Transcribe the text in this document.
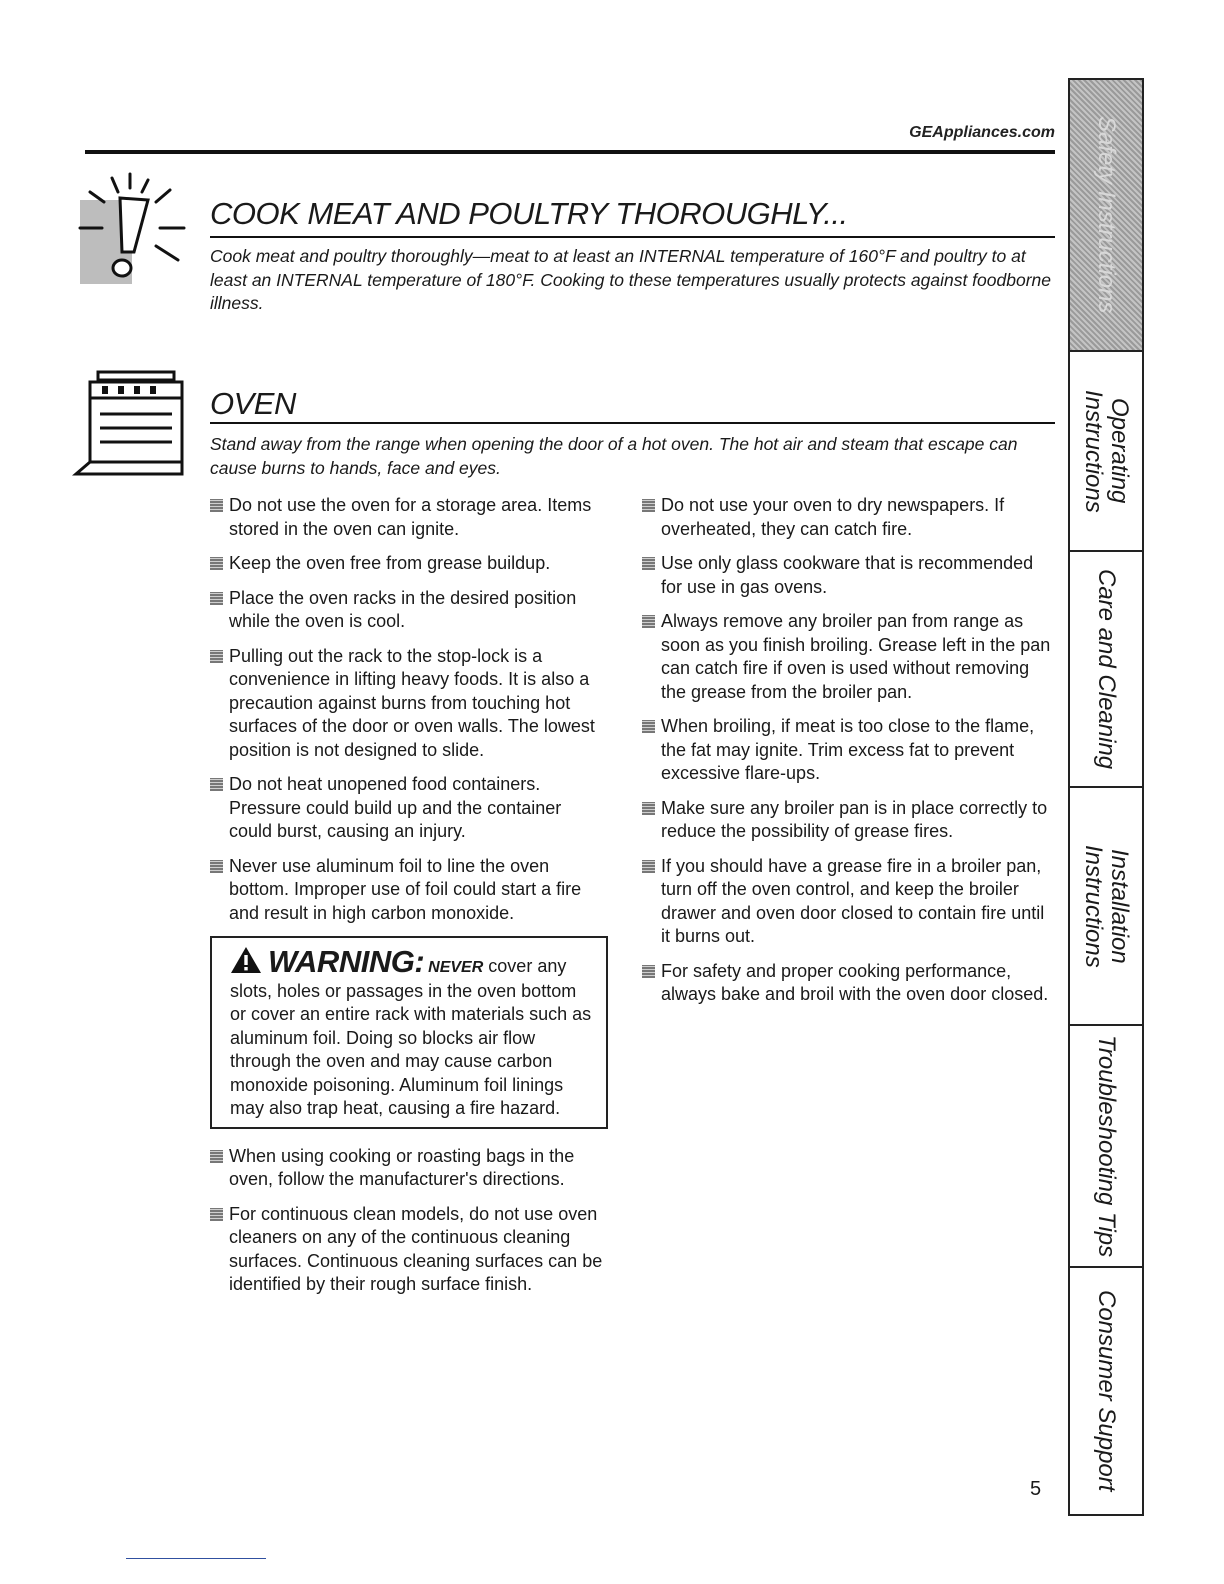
GEAppliances.com
COOK MEAT AND POULTRY THOROUGHLY...
Cook meat and poultry thoroughly—meat to at least an INTERNAL temperature of 160°F and poultry to at least an INTERNAL temperature of 180°F. Cooking to these temperatures usually protects against foodborne illness.
OVEN
Stand away from the range when opening the door of a hot oven. The hot air and steam that escape can cause burns to hands, face and eyes.
Do not use the oven for a storage area. Items stored in the oven can ignite.
Keep the oven free from grease buildup.
Place the oven racks in the desired position while the oven is cool.
Pulling out the rack to the stop-lock is a convenience in lifting heavy foods. It is also a precaution against burns from touching hot surfaces of the door or oven walls. The lowest position is not designed to slide.
Do not heat unopened food containers. Pressure could build up and the container could burst, causing an injury.
Never use aluminum foil to line the oven bottom. Improper use of foil could start a fire and result in high carbon monoxide.
WARNING: NEVER cover any slots, holes or passages in the oven bottom or cover an entire rack with materials such as aluminum foil. Doing so blocks air flow through the oven and may cause carbon monoxide poisoning. Aluminum foil linings may also trap heat, causing a fire hazard.
When using cooking or roasting bags in the oven, follow the manufacturer's directions.
For continuous clean models, do not use oven cleaners on any of the continuous cleaning surfaces. Continuous cleaning surfaces can be identified by their rough surface finish.
Do not use your oven to dry newspapers. If overheated, they can catch fire.
Use only glass cookware that is recommended for use in gas ovens.
Always remove any broiler pan from range as soon as you finish broiling. Grease left in the pan can catch fire if oven is used without removing the grease from the broiler pan.
When broiling, if meat is too close to the flame, the fat may ignite. Trim excess fat to prevent excessive flare-ups.
Make sure any broiler pan is in place correctly to reduce the possibility of grease fires.
If you should have a grease fire in a broiler pan, turn off the oven control, and keep the broiler drawer and oven door closed to contain fire until it burns out.
For safety and proper cooking performance, always bake and broil with the oven door closed.
Safety Instructions
Operating Instructions
Care and Cleaning
Installation Instructions
Troubleshooting Tips
Consumer Support
5
